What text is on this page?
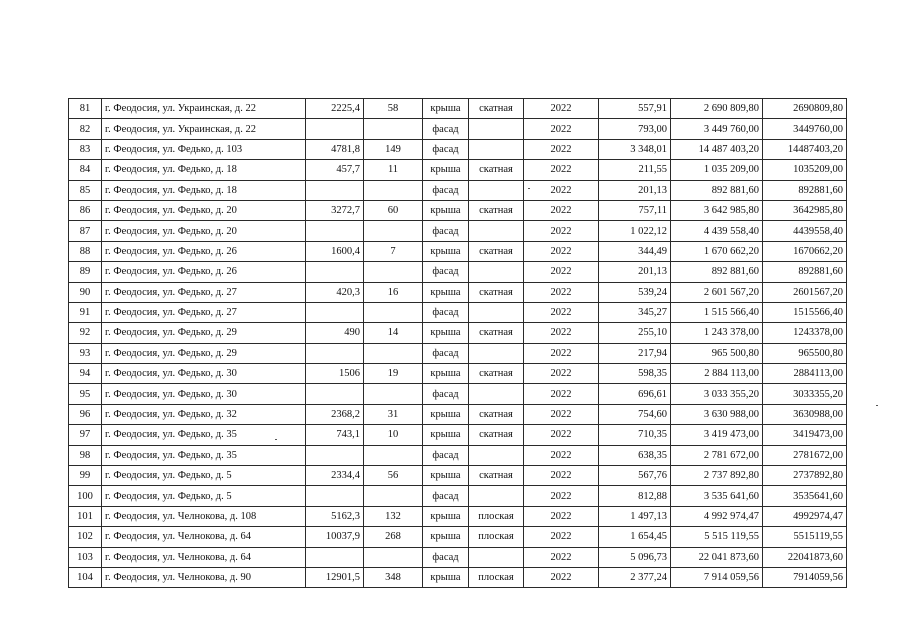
81	г. Феодосия, ул. Украинская, д. 22	2225,4	58	крыша	скатная	2022	557,91	2 690 809,80	2690809,80
82	г. Феодосия, ул. Украинская, д. 22			фасад		2022	793,00	3 449 760,00	3449760,00
83	г. Феодосия, ул. Федько, д. 103	4781,8	149	фасад		2022	3 348,01	14 487 403,20	14487403,20
84	г. Феодосия, ул. Федько, д. 18	457,7	11	крыша	скатная	2022	211,55	1 035 209,00	1035209,00
85	г. Феодосия, ул. Федько, д. 18			фасад		2022	201,13	892 881,60	892881,60
86	г. Феодосия, ул. Федько, д. 20	3272,7	60	крыша	скатная	2022	757,11	3 642 985,80	3642985,80
87	г. Феодосия, ул. Федько, д. 20			фасад		2022	1 022,12	4 439 558,40	4439558,40
88	г. Феодосия, ул. Федько, д. 26	1600,4	7	крыша	скатная	2022	344,49	1 670 662,20	1670662,20
89	г. Феодосия, ул. Федько, д. 26			фасад		2022	201,13	892 881,60	892881,60
90	г. Феодосия, ул. Федько, д. 27	420,3	16	крыша	скатная	2022	539,24	2 601 567,20	2601567,20
91	г. Феодосия, ул. Федько, д. 27			фасад		2022	345,27	1 515 566,40	1515566,40
92	г. Феодосия, ул. Федько, д. 29	490	14	крыша	скатная	2022	255,10	1 243 378,00	1243378,00
93	г. Феодосия, ул. Федько, д. 29			фасад		2022	217,94	965 500,80	965500,80
94	г. Феодосия, ул. Федько, д. 30	1506	19	крыша	скатная	2022	598,35	2 884 113,00	2884113,00
95	г. Феодосия, ул. Федько, д. 30			фасад		2022	696,61	3 033 355,20	3033355,20
96	г. Феодосия, ул. Федько, д. 32	2368,2	31	крыша	скатная	2022	754,60	3 630 988,00	3630988,00
97	г. Феодосия, ул. Федько, д. 35	743,1	10	крыша	скатная	2022	710,35	3 419 473,00	3419473,00
98	г. Феодосия, ул. Федько, д. 35			фасад		2022	638,35	2 781 672,00	2781672,00
99	г. Феодосия, ул. Федько, д. 5	2334,4	56	крыша	скатная	2022	567,76	2 737 892,80	2737892,80
100	г. Феодосия, ул. Федько, д. 5			фасад		2022	812,88	3 535 641,60	3535641,60
101	г. Феодосия, ул. Челнокова, д. 108	5162,3	132	крыша	плоская	2022	1 497,13	4 992 974,47	4992974,47
102	г. Феодосия, ул. Челнокова, д. 64	10037,9	268	крыша	плоская	2022	1 654,45	5 515 119,55	5515119,55
103	г. Феодосия, ул. Челнокова, д. 64			фасад		2022	5 096,73	22 041 873,60	22041873,60
104	г. Феодосия, ул. Челнокова, д. 90	12901,5	348	крыша	плоская	2022	2 377,24	7 914 059,56	7914059,56
